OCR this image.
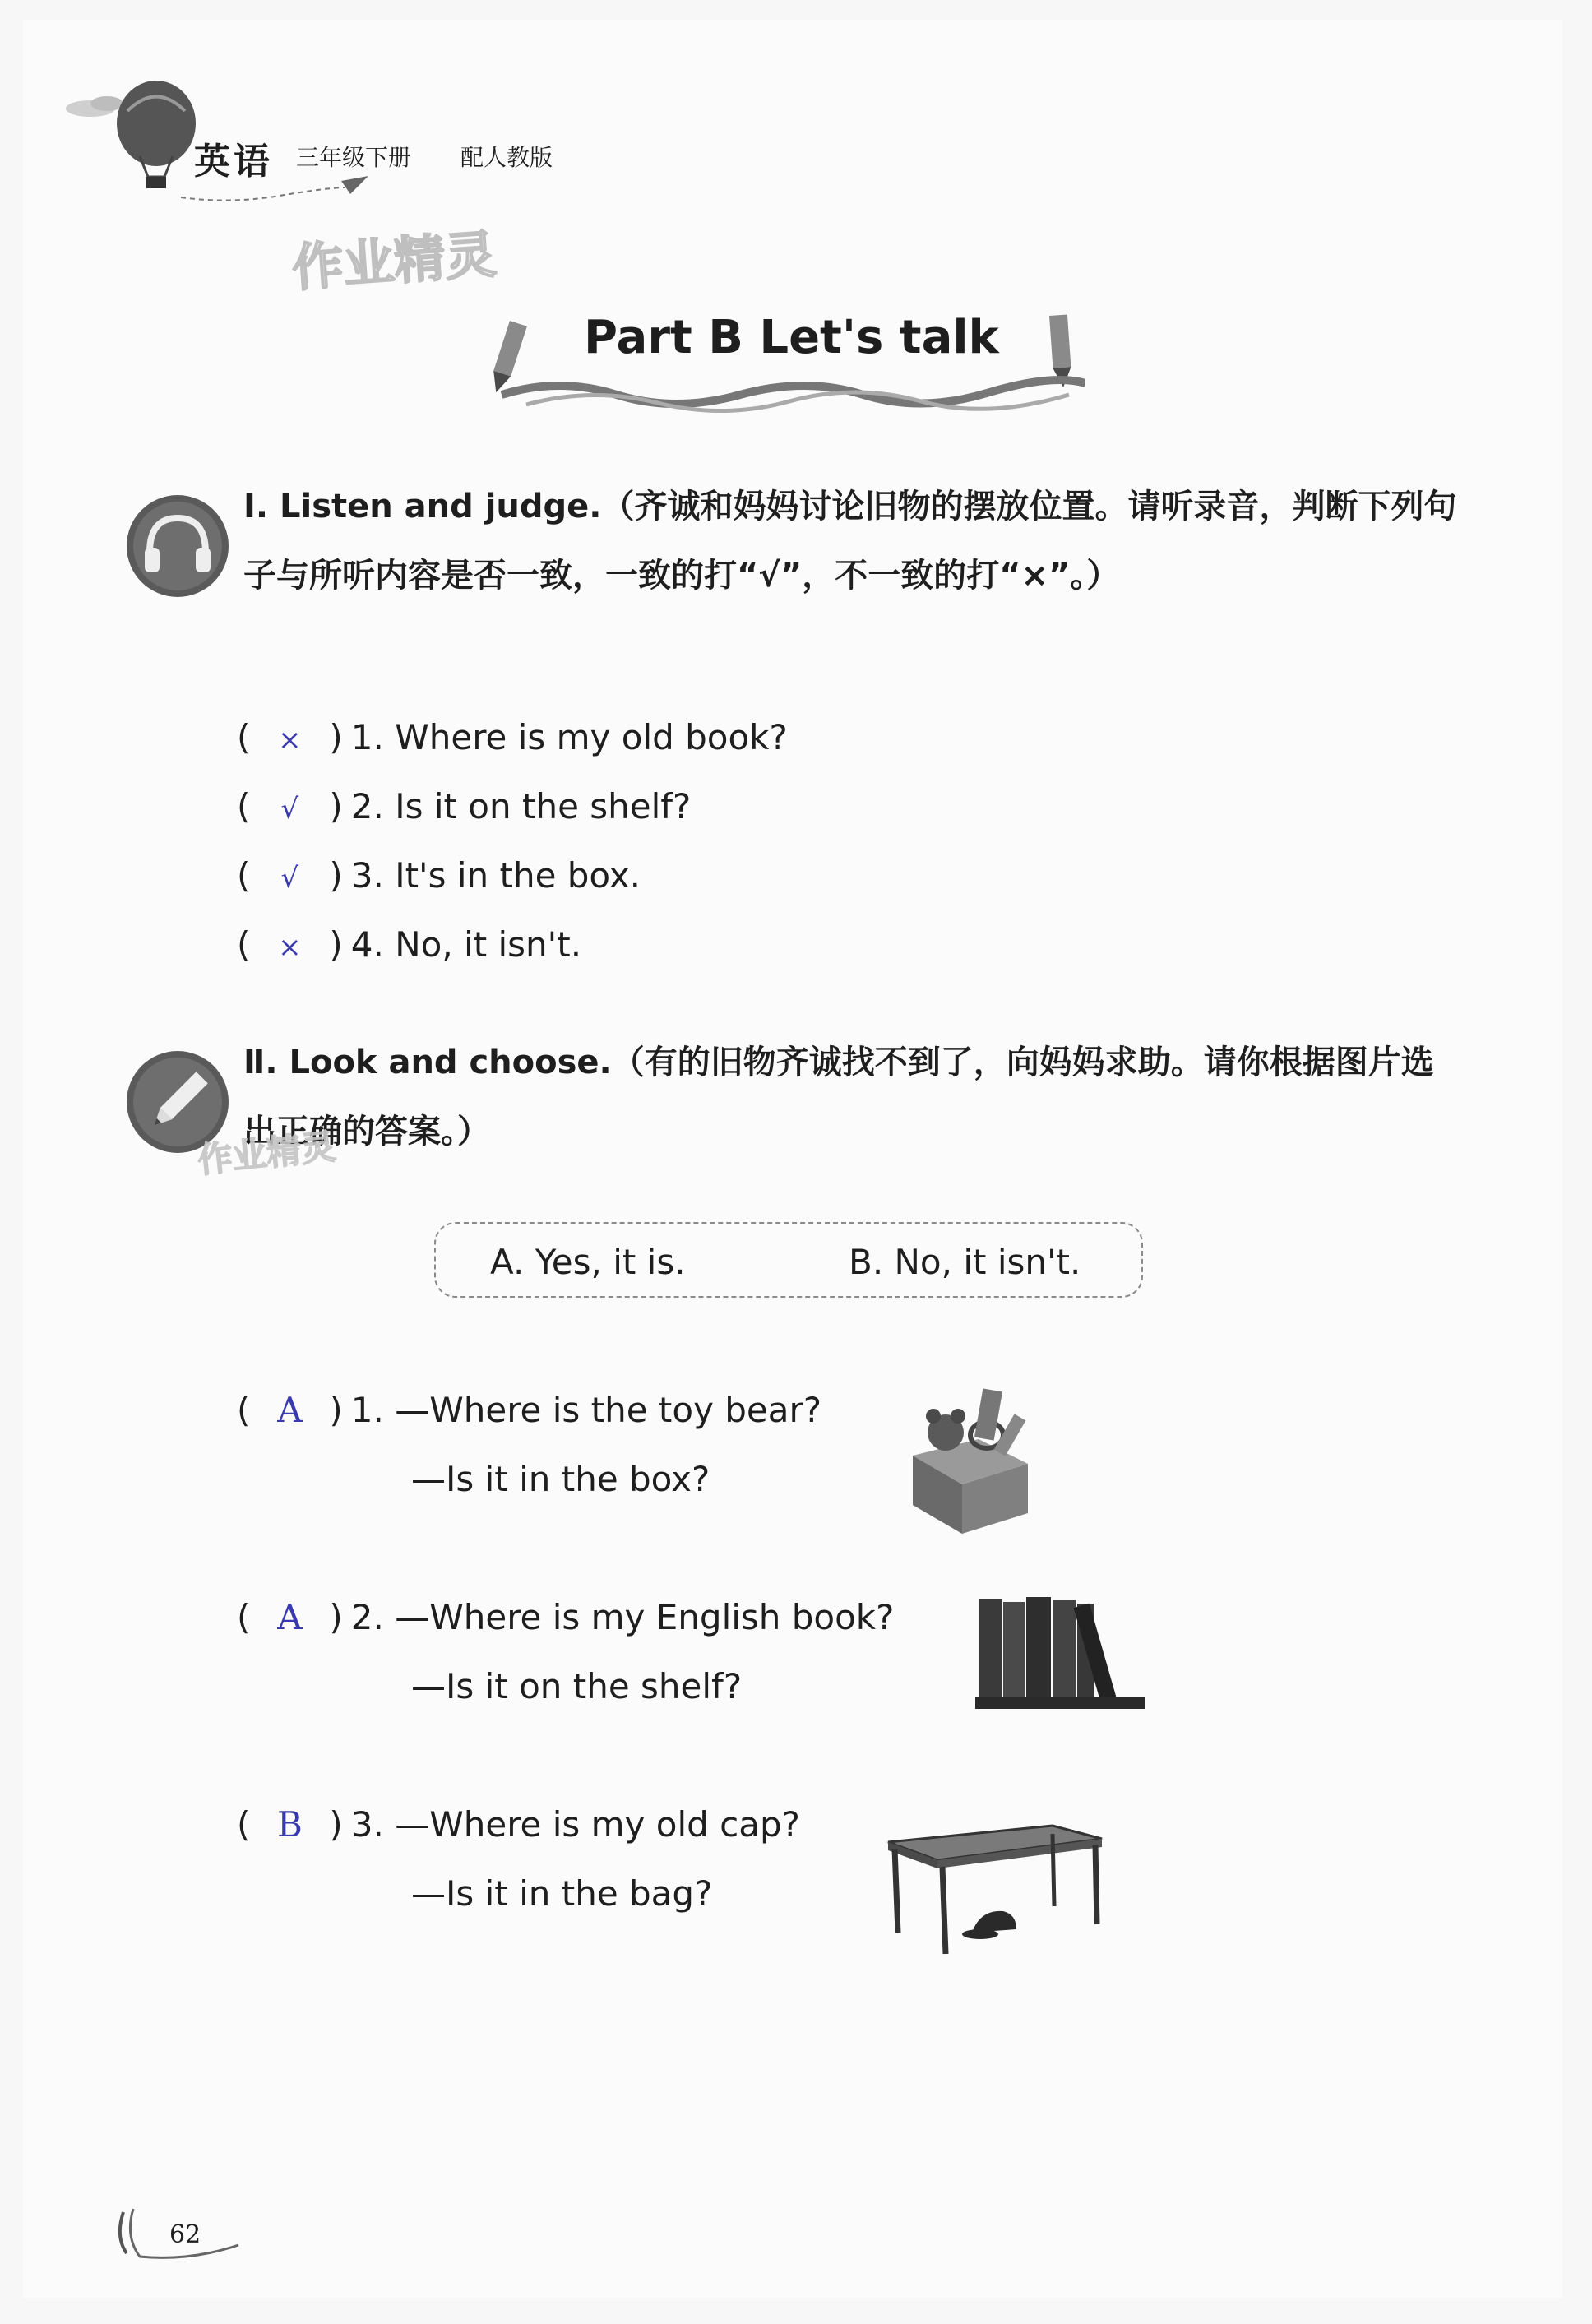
英语 三年级下册 配人教版
作业精灵
Part B Let's talk
Ⅰ. Listen and judge.（齐诚和妈妈讨论旧物的摆放位置。请听录音，判断下列句子与所听内容是否一致，一致的打“√”，不一致的打“×”。）
( × ) 1. Where is my old book?
( √ ) 2. Is it on the shelf?
( √ ) 3. It's in the box.
( × ) 4. No, it isn't.
Ⅱ. Look and choose.（有的旧物齐诚找不到了，向妈妈求助。请你根据图片选出正确的答案。）
作业精灵
A. Yes, it is.	B. No, it isn't.
( A ) 1. —Where is the toy bear?
—Is it in the box?
( A ) 2. —Where is my English book?
—Is it on the shelf?
( B ) 3. —Where is my old cap?
—Is it in the bag?
62
